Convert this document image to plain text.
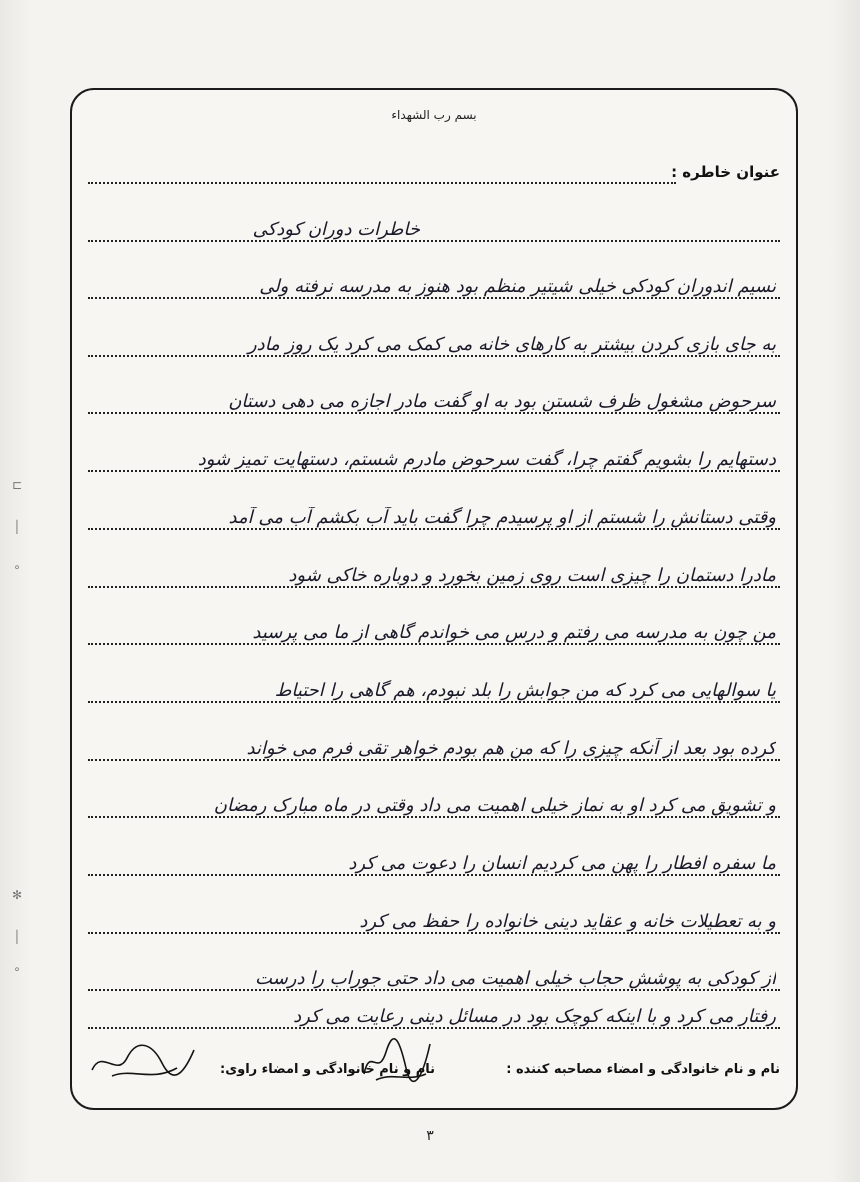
⊏
│
∘
✻
│
∘
بسم رب الشهداء
عنوان خاطره :
خاطرات دوران کودکی
نسیم اندوران کودکی خیلی شیتیر منظم بود هنوز به مدرسه نرفته ولی
به جای بازی کردن بیشتر به کارهای خانه می کمک می کرد یک روز مادر
سرحوض مشغول ظرف شستن بود به او گفت مادر اجازه می دهی دستان
دستهایم را بشویم گفتم چرا، گفت سرحوض مادرم شستم، دستهایت تمیز شود
وقتی دستانش را شستم از او پرسیدم چرا گفت باید آب بکشم آب می آمد
مادرا دستمان را چیزی است روی زمین بخورد و دوباره خاکی شود
من چون به مدرسه می رفتم و درس می خواندم گاهی از ما می پرسید
یا سوالهایی می کرد که من جوابش را بلد نبودم، هم گاهی را احتیاط
کرده بود بعد از آنکه چیزی را که من هم بودم خواهر تقی فرم می خواند
و تشویق می کرد او به نماز خیلی اهمیت می داد وقتی در ماه مبارک رمضان
ما سفره افطار را پهن می کردیم انسان را دعوت می کرد
و به تعطیلات خانه و عقاید دینی خانواده را حفظ می کرد
از کودکی به پوشش حجاب خیلی اهمیت می داد حتی جوراب را درست
رفتار می کرد و با اینکه کوچک بود در مسائل دینی رعایت می کرد
نام و نام خانوادگی و امضاء مصاحبه کننده :
نام و نام خانوادگی و امضاء راوی:
۳
